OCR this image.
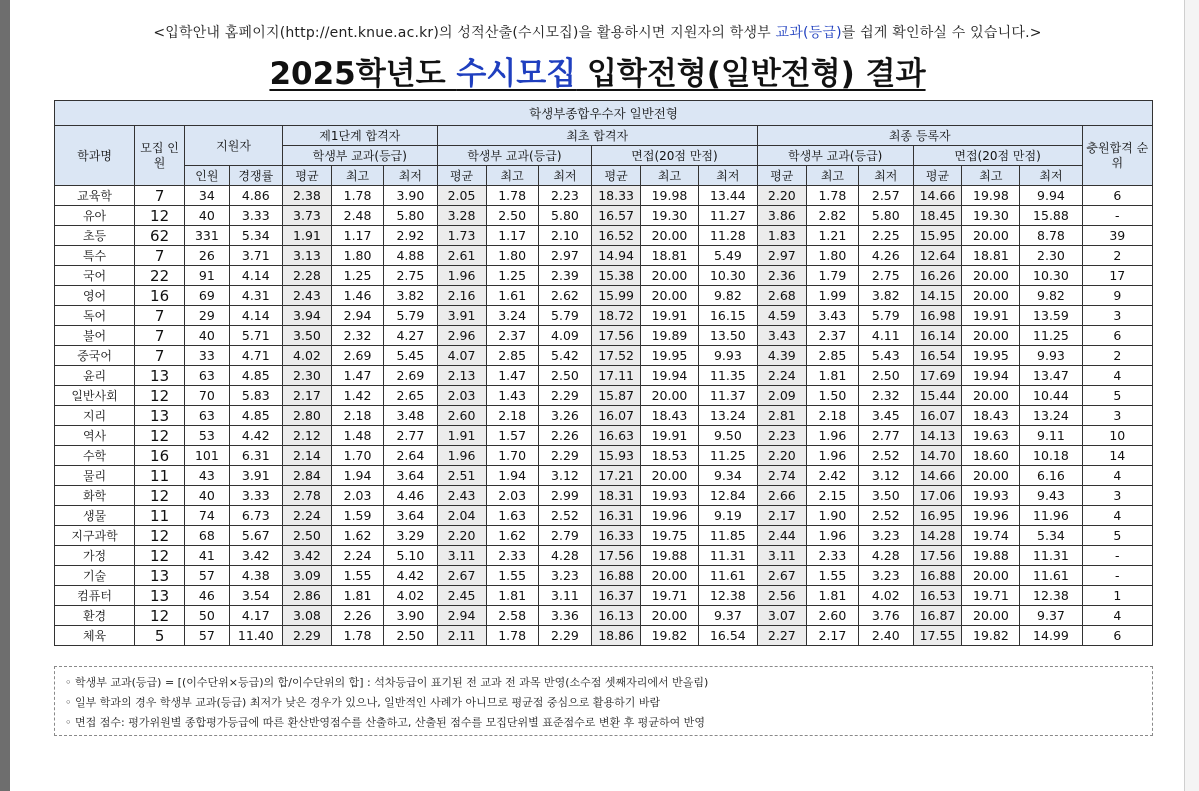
<입학안내 홈페이지(http://ent.knue.ac.kr)의 성적산출(수시모집)을 활용하시면 지원자의 학생부 교과(등급)를 쉽게 확인하실 수 있습니다.>
2025학년도 수시모집 입학전형(일반전형) 결과
학생부종합우수자 일반전형																			
학과명	모집 인원	지원자		제1단계 합격자			최초 합격자						최종 등록자						충원합격 순위
				학생부 교과(등급)			학생부 교과(등급)			면접(20점 만점)			학생부 교과(등급)			면접(20점 만점)			
		인원	경쟁률	평균	최고	최저	평균	최고	최저	평균	최고	최저	평균	최고	최저	평균	최고	최저	
교육학	7	34	4.86	2.38	1.78	3.90	2.05	1.78	2.23	18.33	19.98	13.44	2.20	1.78	2.57	14.66	19.98	9.94	6
유아	12	40	3.33	3.73	2.48	5.80	3.28	2.50	5.80	16.57	19.30	11.27	3.86	2.82	5.80	18.45	19.30	15.88	-
초등	62	331	5.34	1.91	1.17	2.92	1.73	1.17	2.10	16.52	20.00	11.28	1.83	1.21	2.25	15.95	20.00	8.78	39
특수	7	26	3.71	3.13	1.80	4.88	2.61	1.80	2.97	14.94	18.81	5.49	2.97	1.80	4.26	12.64	18.81	2.30	2
국어	22	91	4.14	2.28	1.25	2.75	1.96	1.25	2.39	15.38	20.00	10.30	2.36	1.79	2.75	16.26	20.00	10.30	17
영어	16	69	4.31	2.43	1.46	3.82	2.16	1.61	2.62	15.99	20.00	9.82	2.68	1.99	3.82	14.15	20.00	9.82	9
독어	7	29	4.14	3.94	2.94	5.79	3.91	3.24	5.79	18.72	19.91	16.15	4.59	3.43	5.79	16.98	19.91	13.59	3
불어	7	40	5.71	3.50	2.32	4.27	2.96	2.37	4.09	17.56	19.89	13.50	3.43	2.37	4.11	16.14	20.00	11.25	6
중국어	7	33	4.71	4.02	2.69	5.45	4.07	2.85	5.42	17.52	19.95	9.93	4.39	2.85	5.43	16.54	19.95	9.93	2
윤리	13	63	4.85	2.30	1.47	2.69	2.13	1.47	2.50	17.11	19.94	11.35	2.24	1.81	2.50	17.69	19.94	13.47	4
일반사회	12	70	5.83	2.17	1.42	2.65	2.03	1.43	2.29	15.87	20.00	11.37	2.09	1.50	2.32	15.44	20.00	10.44	5
지리	13	63	4.85	2.80	2.18	3.48	2.60	2.18	3.26	16.07	18.43	13.24	2.81	2.18	3.45	16.07	18.43	13.24	3
역사	12	53	4.42	2.12	1.48	2.77	1.91	1.57	2.26	16.63	19.91	9.50	2.23	1.96	2.77	14.13	19.63	9.11	10
수학	16	101	6.31	2.14	1.70	2.64	1.96	1.70	2.29	15.93	18.53	11.25	2.20	1.96	2.52	14.70	18.60	10.18	14
물리	11	43	3.91	2.84	1.94	3.64	2.51	1.94	3.12	17.21	20.00	9.34	2.74	2.42	3.12	14.66	20.00	6.16	4
화학	12	40	3.33	2.78	2.03	4.46	2.43	2.03	2.99	18.31	19.93	12.84	2.66	2.15	3.50	17.06	19.93	9.43	3
생물	11	74	6.73	2.24	1.59	3.64	2.04	1.63	2.52	16.31	19.96	9.19	2.17	1.90	2.52	16.95	19.96	11.96	4
지구과학	12	68	5.67	2.50	1.62	3.29	2.20	1.62	2.79	16.33	19.75	11.85	2.44	1.96	3.23	14.28	19.74	5.34	5
가정	12	41	3.42	3.42	2.24	5.10	3.11	2.33	4.28	17.56	19.88	11.31	3.11	2.33	4.28	17.56	19.88	11.31	-
기술	13	57	4.38	3.09	1.55	4.42	2.67	1.55	3.23	16.88	20.00	11.61	2.67	1.55	3.23	16.88	20.00	11.61	-
컴퓨터	13	46	3.54	2.86	1.81	4.02	2.45	1.81	3.11	16.37	19.71	12.38	2.56	1.81	4.02	16.53	19.71	12.38	1
환경	12	50	4.17	3.08	2.26	3.90	2.94	2.58	3.36	16.13	20.00	9.37	3.07	2.60	3.76	16.87	20.00	9.37	4
체육	5	57	11.40	2.29	1.78	2.50	2.11	1.78	2.29	18.86	19.82	16.54	2.27	2.17	2.40	17.55	19.82	14.99	6
◦ 학생부 교과(등급) = [(이수단위×등급)의 합/이수단위의 합] : 석차등급이 표기된 전 교과 전 과목 반영(소수점 셋째자리에서 반올림)
◦ 일부 학과의 경우 학생부 교과(등급) 최저가 낮은 경우가 있으나, 일반적인 사례가 아니므로 평균점 중심으로 활용하기 바람
◦ 면접 점수: 평가위원별 종합평가등급에 따른 환산반영점수를 산출하고, 산출된 점수를 모집단위별 표준점수로 변환 후 평균하여 반영
